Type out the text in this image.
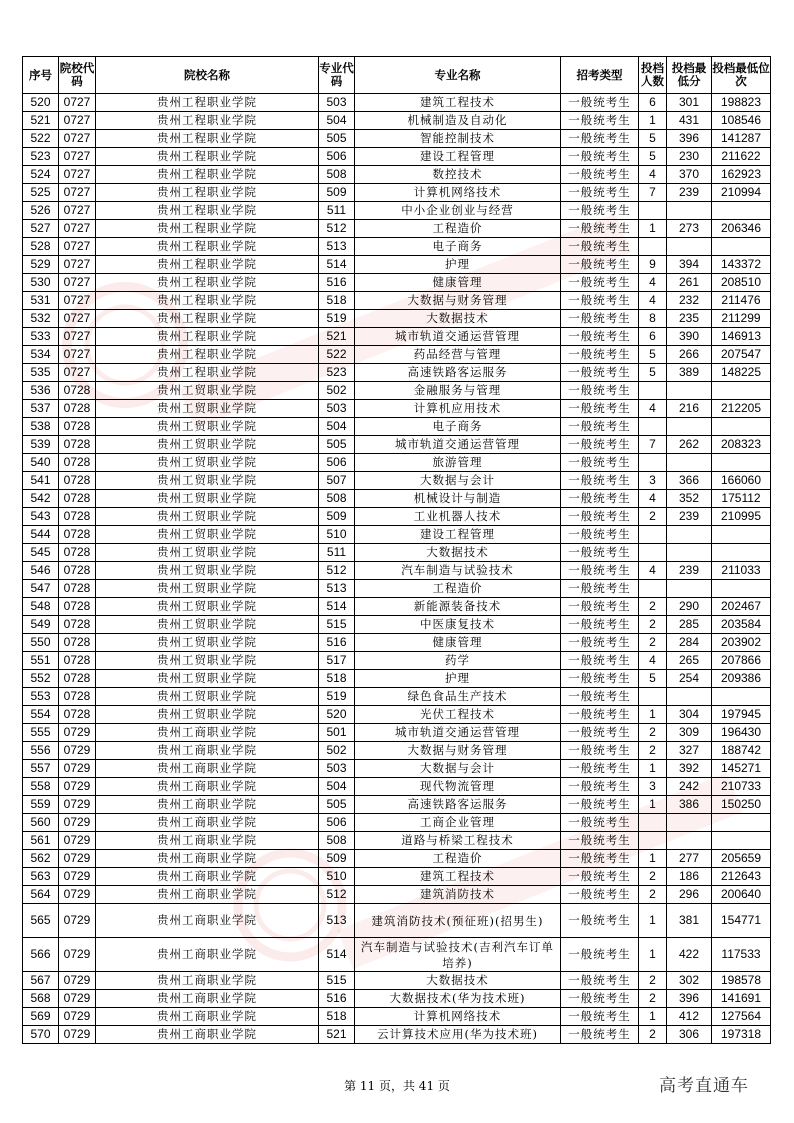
序号	院校代码	院校名称	专业代码	专业名称	招考类型	投档人数	投档最低分	投档最低位次
520	0727	贵州工程职业学院	503	建筑工程技术	一般统考生	6	301	198823
521	0727	贵州工程职业学院	504	机械制造及自动化	一般统考生	1	431	108546
522	0727	贵州工程职业学院	505	智能控制技术	一般统考生	5	396	141287
523	0727	贵州工程职业学院	506	建设工程管理	一般统考生	5	230	211622
524	0727	贵州工程职业学院	508	数控技术	一般统考生	4	370	162923
525	0727	贵州工程职业学院	509	计算机网络技术	一般统考生	7	239	210994
526	0727	贵州工程职业学院	511	中小企业创业与经营	一般统考生			
527	0727	贵州工程职业学院	512	工程造价	一般统考生	1	273	206346
528	0727	贵州工程职业学院	513	电子商务	一般统考生			
529	0727	贵州工程职业学院	514	护理	一般统考生	9	394	143372
530	0727	贵州工程职业学院	516	健康管理	一般统考生	4	261	208510
531	0727	贵州工程职业学院	518	大数据与财务管理	一般统考生	4	232	211476
532	0727	贵州工程职业学院	519	大数据技术	一般统考生	8	235	211299
533	0727	贵州工程职业学院	521	城市轨道交通运营管理	一般统考生	6	390	146913
534	0727	贵州工程职业学院	522	药品经营与管理	一般统考生	5	266	207547
535	0727	贵州工程职业学院	523	高速铁路客运服务	一般统考生	5	389	148225
536	0728	贵州工贸职业学院	502	金融服务与管理	一般统考生			
537	0728	贵州工贸职业学院	503	计算机应用技术	一般统考生	4	216	212205
538	0728	贵州工贸职业学院	504	电子商务	一般统考生			
539	0728	贵州工贸职业学院	505	城市轨道交通运营管理	一般统考生	7	262	208323
540	0728	贵州工贸职业学院	506	旅游管理	一般统考生			
541	0728	贵州工贸职业学院	507	大数据与会计	一般统考生	3	366	166060
542	0728	贵州工贸职业学院	508	机械设计与制造	一般统考生	4	352	175112
543	0728	贵州工贸职业学院	509	工业机器人技术	一般统考生	2	239	210995
544	0728	贵州工贸职业学院	510	建设工程管理	一般统考生			
545	0728	贵州工贸职业学院	511	大数据技术	一般统考生			
546	0728	贵州工贸职业学院	512	汽车制造与试验技术	一般统考生	4	239	211033
547	0728	贵州工贸职业学院	513	工程造价	一般统考生			
548	0728	贵州工贸职业学院	514	新能源装备技术	一般统考生	2	290	202467
549	0728	贵州工贸职业学院	515	中医康复技术	一般统考生	2	285	203584
550	0728	贵州工贸职业学院	516	健康管理	一般统考生	2	284	203902
551	0728	贵州工贸职业学院	517	药学	一般统考生	4	265	207866
552	0728	贵州工贸职业学院	518	护理	一般统考生	5	254	209386
553	0728	贵州工贸职业学院	519	绿色食品生产技术	一般统考生			
554	0728	贵州工贸职业学院	520	光伏工程技术	一般统考生	1	304	197945
555	0729	贵州工商职业学院	501	城市轨道交通运营管理	一般统考生	2	309	196430
556	0729	贵州工商职业学院	502	大数据与财务管理	一般统考生	2	327	188742
557	0729	贵州工商职业学院	503	大数据与会计	一般统考生	1	392	145271
558	0729	贵州工商职业学院	504	现代物流管理	一般统考生	3	242	210733
559	0729	贵州工商职业学院	505	高速铁路客运服务	一般统考生	1	386	150250
560	0729	贵州工商职业学院	506	工商企业管理	一般统考生			
561	0729	贵州工商职业学院	508	道路与桥梁工程技术	一般统考生			
562	0729	贵州工商职业学院	509	工程造价	一般统考生	1	277	205659
563	0729	贵州工商职业学院	510	建筑工程技术	一般统考生	2	186	212643
564	0729	贵州工商职业学院	512	建筑消防技术	一般统考生	2	296	200640
565	0729	贵州工商职业学院	513	建筑消防技术(预征班)(招男生)	一般统考生	1	381	154771
566	0729	贵州工商职业学院	514	汽车制造与试验技术(吉利汽车订单培养)	一般统考生	1	422	117533
567	0729	贵州工商职业学院	515	大数据技术	一般统考生	2	302	198578
568	0729	贵州工商职业学院	516	大数据技术(华为技术班)	一般统考生	2	396	141691
569	0729	贵州工商职业学院	518	计算机网络技术	一般统考生	1	412	127564
570	0729	贵州工商职业学院	521	云计算技术应用(华为技术班)	一般统考生	2	306	197318
第 11 页，共 41 页	高考直通车
